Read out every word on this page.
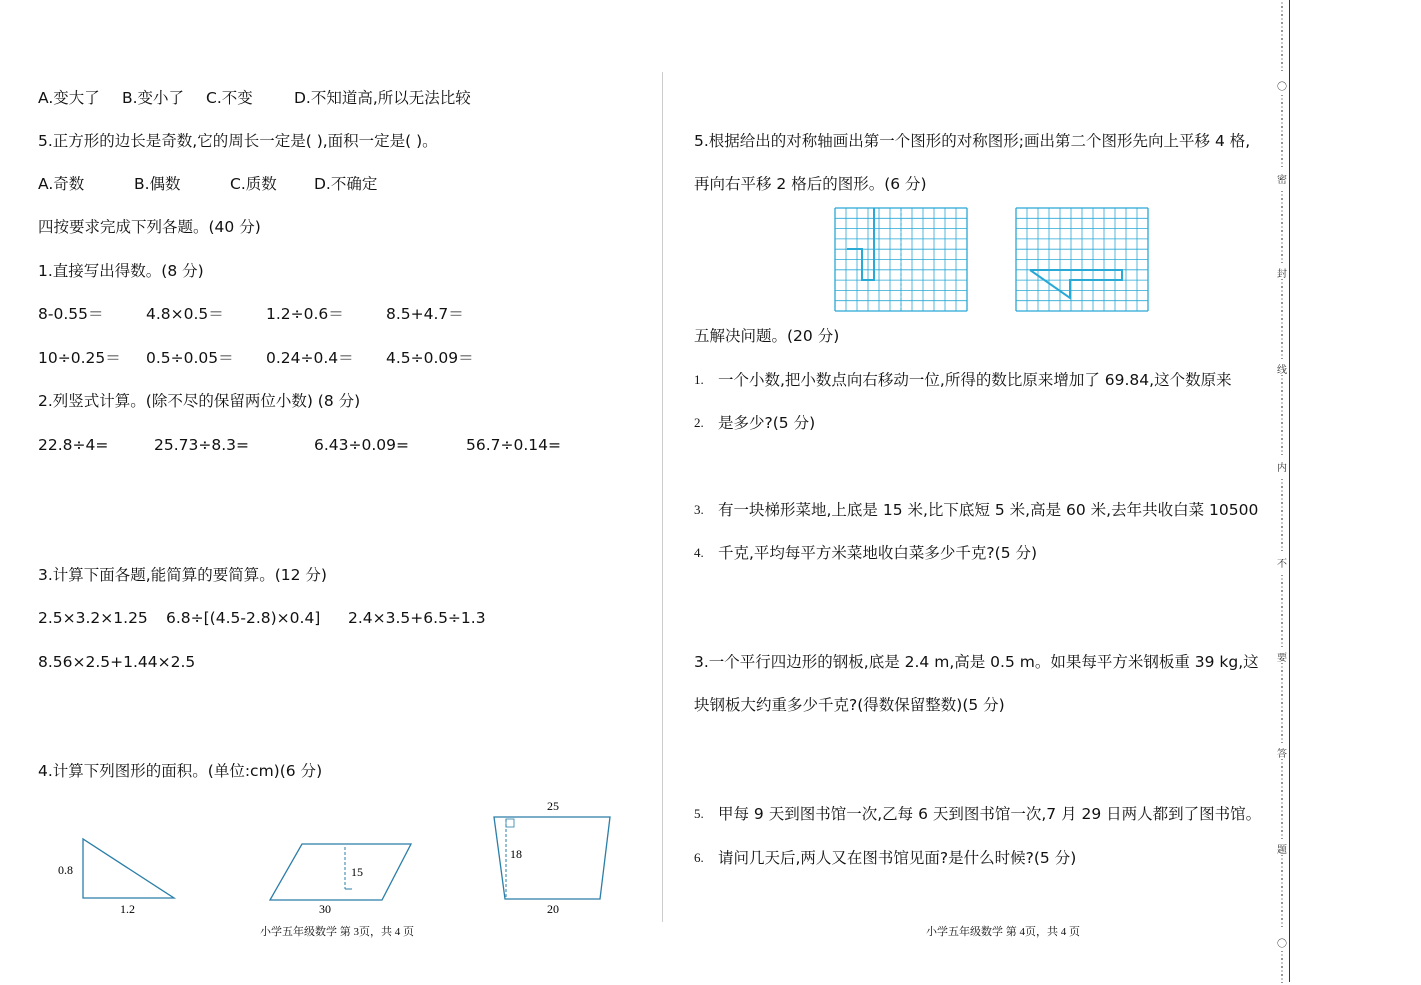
A.变大了 B.变小了 C.不变	D.不知道高,所以无法比较
5.正方形的边长是奇数,它的周长一定是( ),面积一定是( )。
A.奇数	B.偶数	C.质数 D.不确定
四按要求完成下列各题。(40 分)
1.直接写出得数。(8 分)
8-0.55＝	4.8×0.5＝	1.2÷0.6＝	8.5+4.7＝
10÷0.25＝ 0.5÷0.05＝ 0.24÷0.4＝ 4.5÷0.09＝
2.列竖式计算。(除不尽的保留两位小数) (8 分)
22.8÷4=	25.73÷8.3=	6.43÷0.09=	56.7÷0.14=
3.计算下面各题,能简算的要简算。(12 分)
2.5×3.2×1.25 6.8÷[(4.5-2.8)×0.4] 2.4×3.5+6.5÷1.3
8.56×2.5+1.44×2.5
4.计算下列图形的面积。(单位:cm)(6 分)
0.8
1.2
15
30
25
18
20
小学五年级数学 第 3页，共 4 页
5.根据给出的对称轴画出第一个图形的对称图形;画出第二个图形先向上平移 4 格,
再向右平移 2 格后的图形。(6 分)
五解决问题。(20 分)
1. 一个小数,把小数点向右移动一位,所得的数比原来增加了 69.84,这个数原来
2. 是多少?(5 分)
3. 有一块梯形菜地,上底是 15 米,比下底短 5 米,高是 60 米,去年共收白菜 10500
4. 千克,平均每平方米菜地收白菜多少千克?(5 分)
3.一个平行四边形的钢板,底是 2.4 m,高是 0.5 m。如果每平方米钢板重 39 kg,这
块钢板大约重多少千克?(得数保留整数)(5 分)
5. 甲每 9 天到图书馆一次,乙每 6 天到图书馆一次,7 月 29 日两人都到了图书馆。
6. 请问几天后,两人又在图书馆见面?是什么时候?(5 分)
小学五年级数学 第 4页，共 4 页
⋮
⋮
⋮
⋮
⋮
⋮
⋮
⋮
⋮
⋮
⋮
⋮
⋮
⋮
⋮
⋮
⋮
⋮
⋮
⋮
⋮
⋮
⋮
⋮
⋮
⋮
⋮
⋮
⋮
⋮
⋮
⋮
⋮
⋮
⋮
⋮
⋮
⋮
⋮
⋮
⋮
⋮
⋮
⋮
⋮
⋮
⋮
⋮
⋮
⋮
⋮
⋮
⋮
⋮
⋮
⋮
⋮
⋮
⋮
⋮
⋮
⋮
⋮
⋮
⋮
⋮
⋮
⋮
⋮
⋮
⋮
⋮
⋮
⋮
⋮
⋮
⋮
⋮
⋮
⋮
⋮
⋮
⋮
⋮
⋮
⋮
⋮
⋮
⋮
⋮
⋮
⋮
⋮
⋮
⋮
⋮
⋮
⋮
〇
密
封
线
内
不
要
答
题
〇
